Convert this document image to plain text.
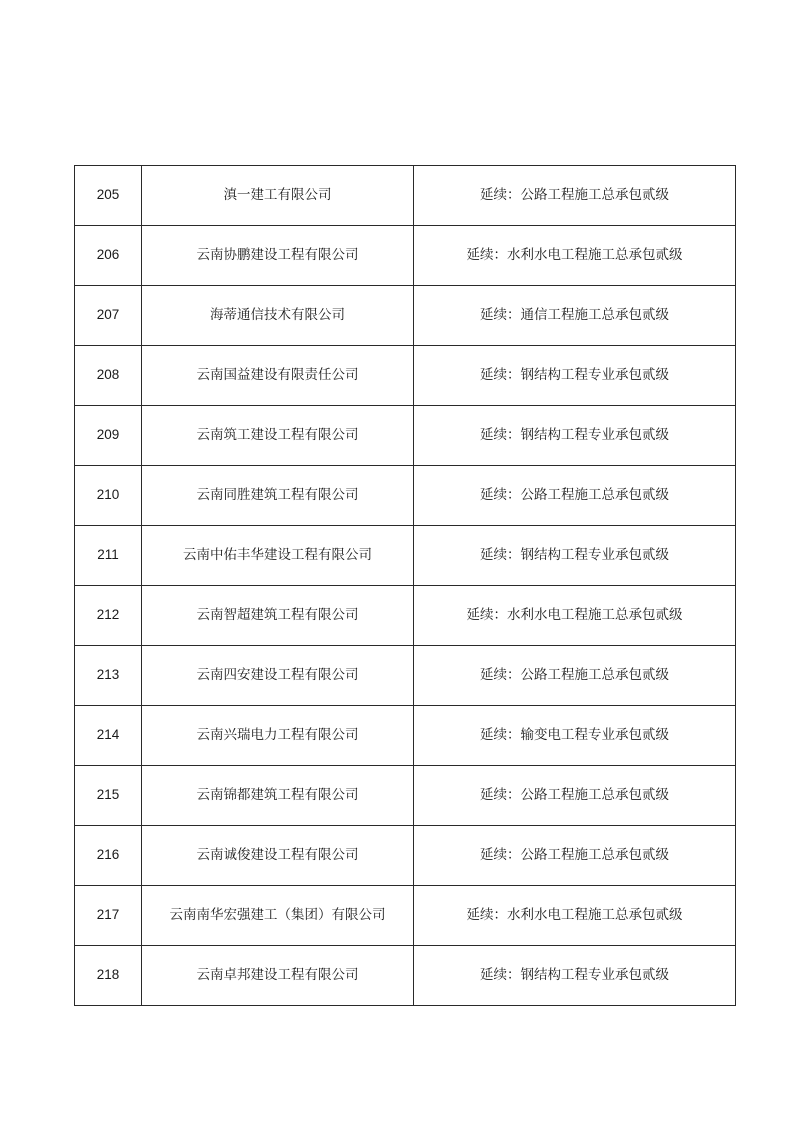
205	滇一建工有限公司	延续：公路工程施工总承包贰级
206	云南协鹏建设工程有限公司	延续：水利水电工程施工总承包贰级
207	海蒂通信技术有限公司	延续：通信工程施工总承包贰级
208	云南国益建设有限责任公司	延续：钢结构工程专业承包贰级
209	云南筑工建设工程有限公司	延续：钢结构工程专业承包贰级
210	云南同胜建筑工程有限公司	延续：公路工程施工总承包贰级
211	云南中佑丰华建设工程有限公司	延续：钢结构工程专业承包贰级
212	云南智超建筑工程有限公司	延续：水利水电工程施工总承包贰级
213	云南四安建设工程有限公司	延续：公路工程施工总承包贰级
214	云南兴瑞电力工程有限公司	延续：输变电工程专业承包贰级
215	云南锦都建筑工程有限公司	延续：公路工程施工总承包贰级
216	云南诚俊建设工程有限公司	延续：公路工程施工总承包贰级
217	云南南华宏强建工（集团）有限公司	延续：水利水电工程施工总承包贰级
218	云南卓邦建设工程有限公司	延续：钢结构工程专业承包贰级
